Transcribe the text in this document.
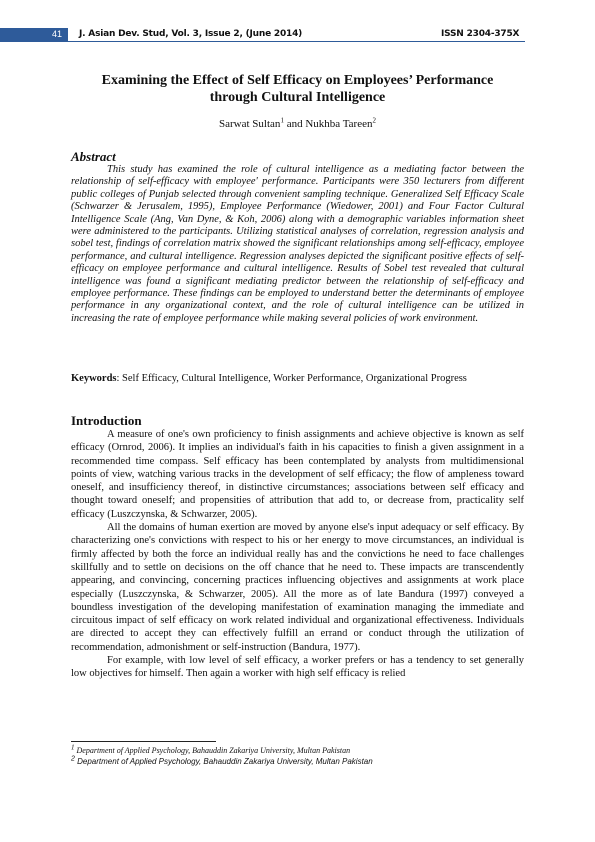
41 J. Asian Dev. Stud, Vol. 3, Issue 2, (June 2014)	ISSN 2304-375X
Examining the Effect of Self Efficacy on Employees’ Performance
through Cultural Intelligence
Sarwat Sultan$^1$ and Nukhba Tareen$^2$
Abstract

This study has examined the role of cultural intelligence as a mediating factor between the relationship of self-efficacy with employee' performance. Participants were 350 lecturers from different public colleges of Punjab selected through convenient sampling technique. Generalized Self Efficacy Scale (Schwarzer & Jerusalem, 1995), Employee Performance (Wiedower, 2001) and Four Factor Cultural Intelligence Scale (Ang, Van Dyne, & Koh, 2006) along with a demographic variables information sheet were administered to the participants. Utilizing statistical analyses of correlation, regression analysis and sobel test, findings of correlation matrix showed the significant relationships among self-efficacy, employee performance, and cultural intelligence. Regression analyses depicted the significant positive effects of self-efficacy on employee performance and cultural intelligence. Results of Sobel test revealed that cultural intelligence was found a significant mediating predictor between the relationship of self-efficacy and employee performance. These findings can be employed to understand better the determinants of employee performance in any organizational context, and the role of cultural intelligence can be utilized in increasing the rate of employee performance while making several policies of work environment.

Keywords: Self Efficacy, Cultural Intelligence, Worker Performance, Organizational Progress

Introduction

A measure of one's own proficiency to finish assignments and achieve objective is known as self efficacy (Ornrod, 2006). It implies an individual's faith in his capacities to finish a given assignment in a recommended time compass. Self efficacy has been contemplated by analysts from multidimensional points of view, watching various tracks in the development of self efficacy; the flow of ampleness toward oneself, and insufficiency thereof, in distinctive circumstances; associations between self efficacy and thought toward oneself; and propensities of attribution that add to, or decrease from, practicality self efficacy (Luszczynska, & Schwarzer, 2005).

All the domains of human exertion are moved by anyone else's input adequacy or self efficacy. By characterizing one's convictions with respect to his or her energy to move circumstances, an individual is firmly affected by both the force an individual really has and the convictions he need to face challenges skillfully and to settle on decisions on the off chance that he need to. These impacts are transcendently appearing, and convincing, concerning practices influencing objectives and assignments at work place especially (Luszczynska, & Schwarzer, 2005). All the more as of late Bandura (1997) conveyed a boundless investigation of the developing manifestation of examination managing the immediate and circuitous impact of self efficacy on work related individual and organizational effectiveness. Individuals are directed to accept they can effectively fulfill an errand or conduct through the utilization of recommendation, admonishment or self-instruction (Bandura, 1977).

For example, with low level of self efficacy, a worker prefers or has a tendency to set generally low objectives for himself. Then again a worker with high self efficacy is relied

$^1$ Department of Applied Psychology, Bahauddin Zakariya University, Multan Pakistan
$^2$ Department of Applied Psychology, Bahauddin Zakariya University, Multan Pakistan
